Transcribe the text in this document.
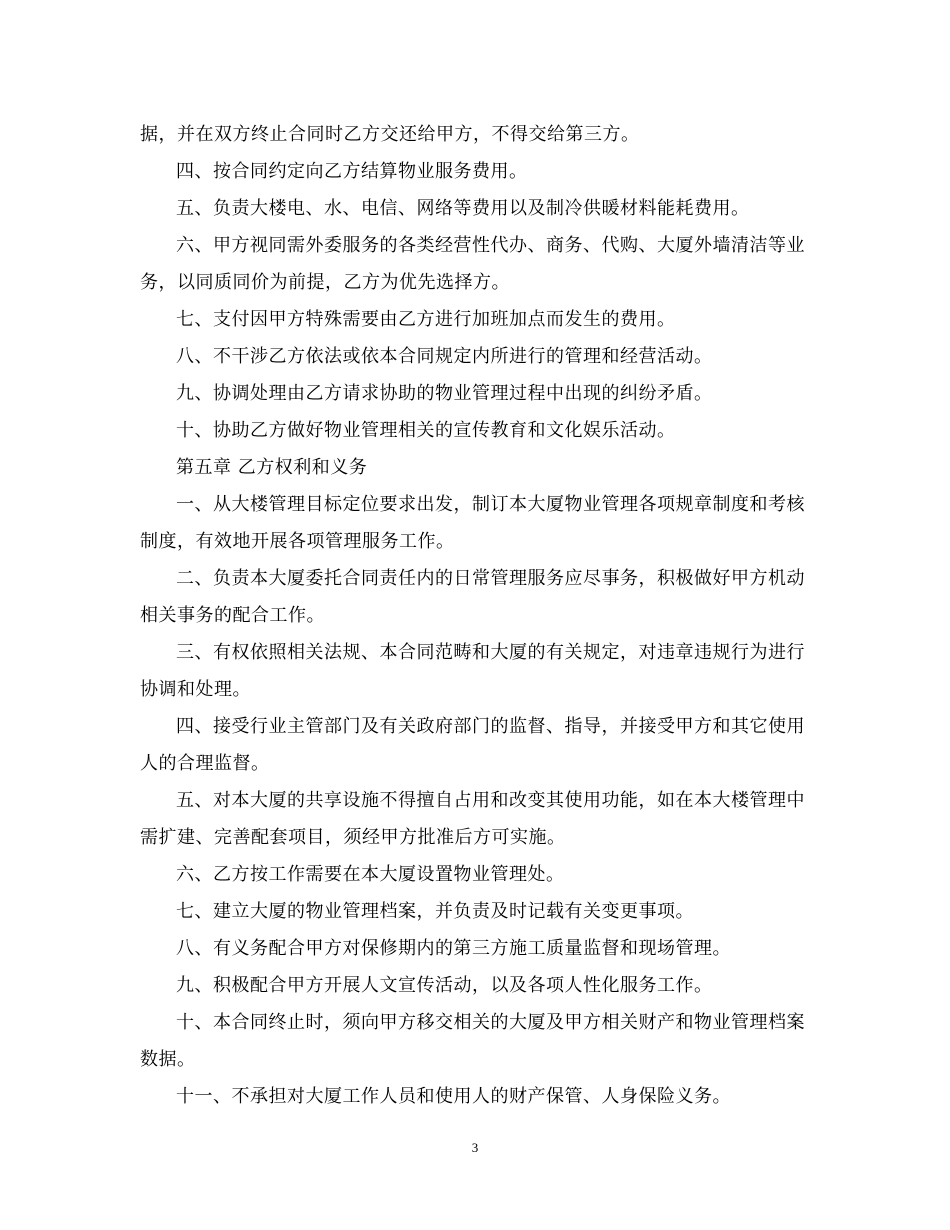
据，并在双方终止合同时乙方交还给甲方，不得交给第三方。

四、按合同约定向乙方结算物业服务费用。

五、负责大楼电、水、电信、网络等费用以及制冷供暖材料能耗费用。

六、甲方视同需外委服务的各类经营性代办、商务、代购、大厦外墙清洁等业务，以同质同价为前提，乙方为优先选择方。

七、支付因甲方特殊需要由乙方进行加班加点而发生的费用。

八、不干涉乙方依法或依本合同规定内所进行的管理和经营活动。

九、协调处理由乙方请求协助的物业管理过程中出现的纠纷矛盾。

十、协助乙方做好物业管理相关的宣传教育和文化娱乐活动。

第五章 乙方权利和义务

一、从大楼管理目标定位要求出发，制订本大厦物业管理各项规章制度和考核制度，有效地开展各项管理服务工作。

二、负责本大厦委托合同责任内的日常管理服务应尽事务，积极做好甲方机动相关事务的配合工作。

三、有权依照相关法规、本合同范畴和大厦的有关规定，对违章违规行为进行协调和处理。

四、接受行业主管部门及有关政府部门的监督、指导，并接受甲方和其它使用人的合理监督。

五、对本大厦的共享设施不得擅自占用和改变其使用功能，如在本大楼管理中需扩建、完善配套项目，须经甲方批准后方可实施。

六、乙方按工作需要在本大厦设置物业管理处。

七、建立大厦的物业管理档案，并负责及时记载有关变更事项。

八、有义务配合甲方对保修期内的第三方施工质量监督和现场管理。

九、积极配合甲方开展人文宣传活动，以及各项人性化服务工作。

十、本合同终止时，须向甲方移交相关的大厦及甲方相关财产和物业管理档案数据。

十一、不承担对大厦工作人员和使用人的财产保管、人身保险义务。

3
